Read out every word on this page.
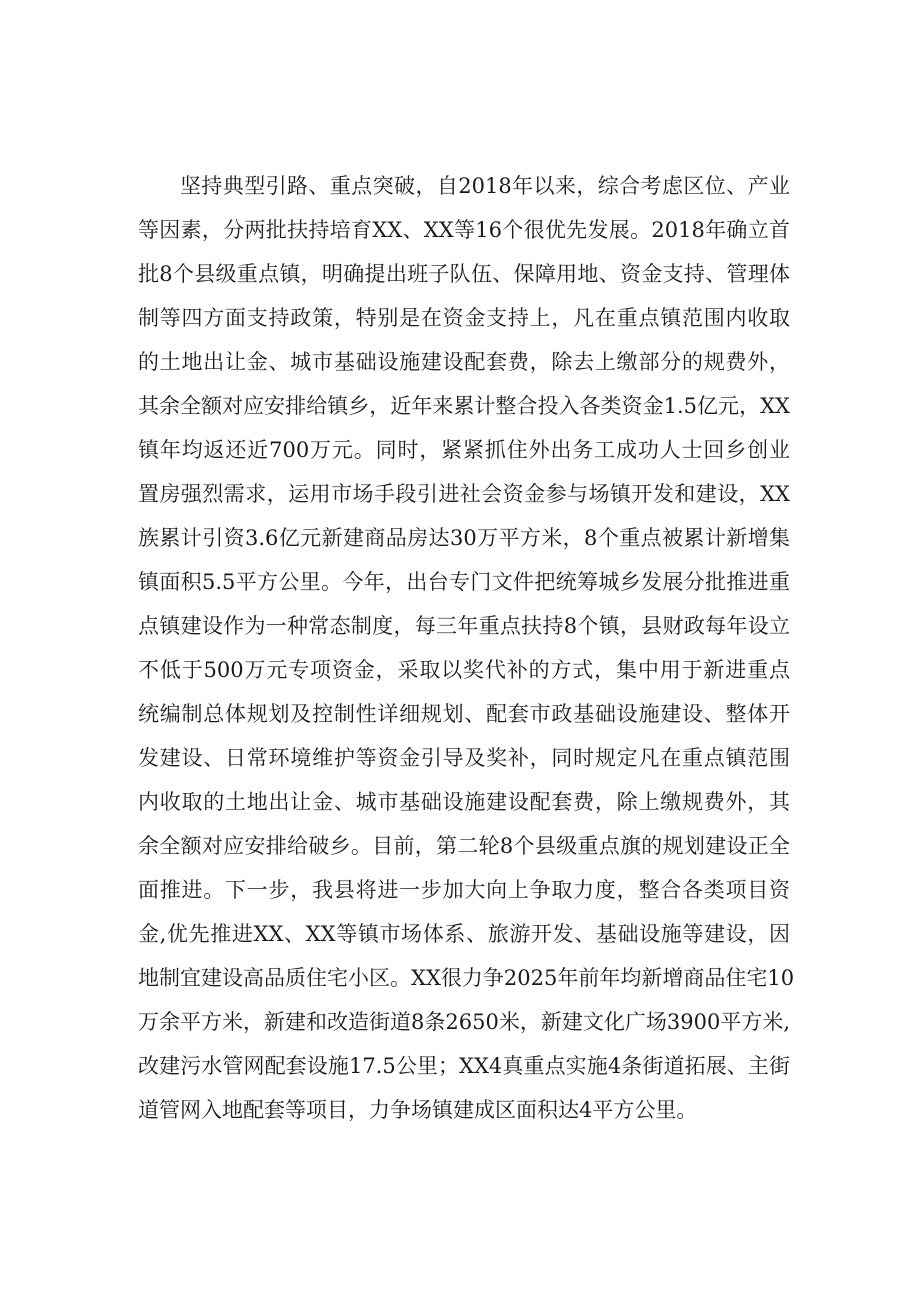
坚持典型引路、重点突破，自2018年以来，综合考虑区位、产业
等因素，分两批扶持培育XX、XX等16个很优先发展。2018年确立首
批8个县级重点镇，明确提出班子队伍、保障用地、资金支持、管理体
制等四方面支持政策，特别是在资金支持上，凡在重点镇范围内收取
的土地出让金、城市基础设施建设配套费，除去上缴部分的规费外，
其余全额对应安排给镇乡，近年来累计整合投入各类资金1.5亿元，XX
镇年均返还近700万元。同时，紧紧抓住外出务工成功人士回乡创业
置房强烈需求，运用市场手段引进社会资金参与场镇开发和建设，XX
族累计引资3.6亿元新建商品房达30万平方米，8个重点被累计新增集
镇面积5.5平方公里。今年，出台专门文件把统筹城乡发展分批推进重
点镇建设作为一种常态制度，每三年重点扶持8个镇，县财政每年设立
不低于500万元专项资金，采取以奖代补的方式，集中用于新进重点
统编制总体规划及控制性详细规划、配套市政基础设施建设、整体开
发建设、日常环境维护等资金引导及奖补，同时规定凡在重点镇范围
内收取的土地出让金、城市基础设施建设配套费，除上缴规费外，其
余全额对应安排给破乡。目前，第二轮8个县级重点旗的规划建设正全
面推进。下一步，我县将进一步加大向上争取力度，整合各类项目资
金,优先推进XX、XX等镇市场体系、旅游开发、基础设施等建设，因
地制宜建设高品质住宅小区。XX很力争2025年前年均新增商品住宅10
万余平方米，新建和改造街道8条2650米，新建文化广场3900平方米,
改建污水管网配套设施17.5公里；XX4真重点实施4条街道拓展、主街
道管网入地配套等项目，力争场镇建成区面积达4平方公里。
